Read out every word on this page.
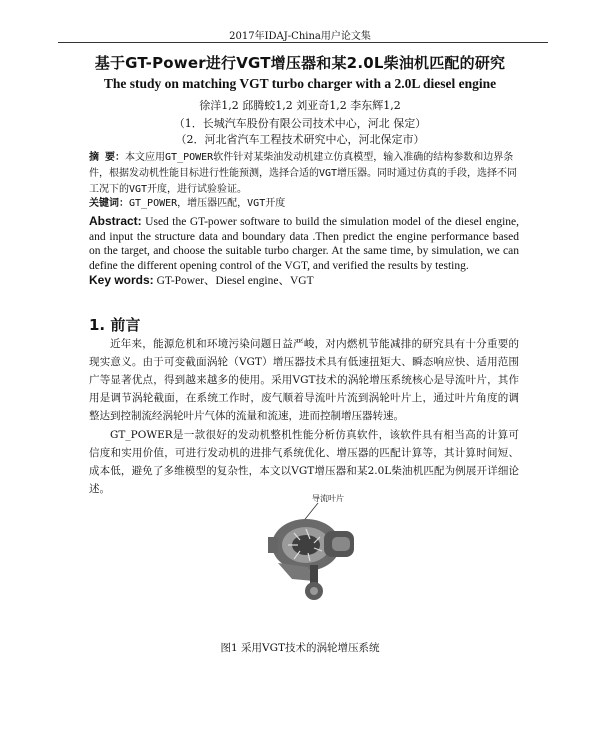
2017年IDAJ-China用户论文集
基于GT-Power进行VGT增压器和某2.0L柴油机匹配的研究
The study on matching VGT turbo charger with a 2.0L diesel engine
徐洋1,2 邱腾蛟1,2 刘亚奇1,2 李东辉1,2
（1．长城汽车股份有限公司技术中心，河北 保定）
（2．河北省汽车工程技术研究中心，河北保定市）
摘 要：本文应用GT_POWER软件针对某柴油发动机建立仿真模型，输入准确的结构参数和边界条件，根据发动机性能目标进行性能预测，选择合适的VGT增压器。同时通过仿真的手段，选择不同工况下的VGT开度，进行试验验证。
关键词：GT_POWER，增压器匹配，VGT开度
Abstract: Used the GT-power software to build the simulation model of the diesel engine, and input the structure data and boundary data .Then predict the engine performance based on the target, and choose the suitable turbo charger. At the same time, by simulation, we can define the different opening control of the VGT, and verified the results by testing.
Key words: GT-Power、Diesel engine、VGT
1. 前言
近年来，能源危机和环境污染问题日益严峻，对内燃机节能减排的研究具有十分重要的现实意义。由于可变截面涡轮（VGT）增压器技术具有低速扭矩大、瞬态响应快、适用范围广等显著优点，得到越来越多的使用。采用VGT技术的涡轮增压系统核心是导流叶片，其作用是调节涡轮截面，在系统工作时，废气顺着导流叶片流到涡轮叶片上，通过叶片角度的调整达到控制流经涡轮叶片气体的流量和流速，进而控制增压器转速。
GT_POWER是一款很好的发动机整机性能分析仿真软件，该软件具有相当高的计算可信度和实用价值，可进行发动机的进排气系统优化、增压器的匹配计算等，其计算时间短、成本低，避免了多维模型的复杂性，本文以VGT增压器和某2.0L柴油机匹配为例展开详细论述。
导流叶片
图1 采用VGT技术的涡轮增压系统
